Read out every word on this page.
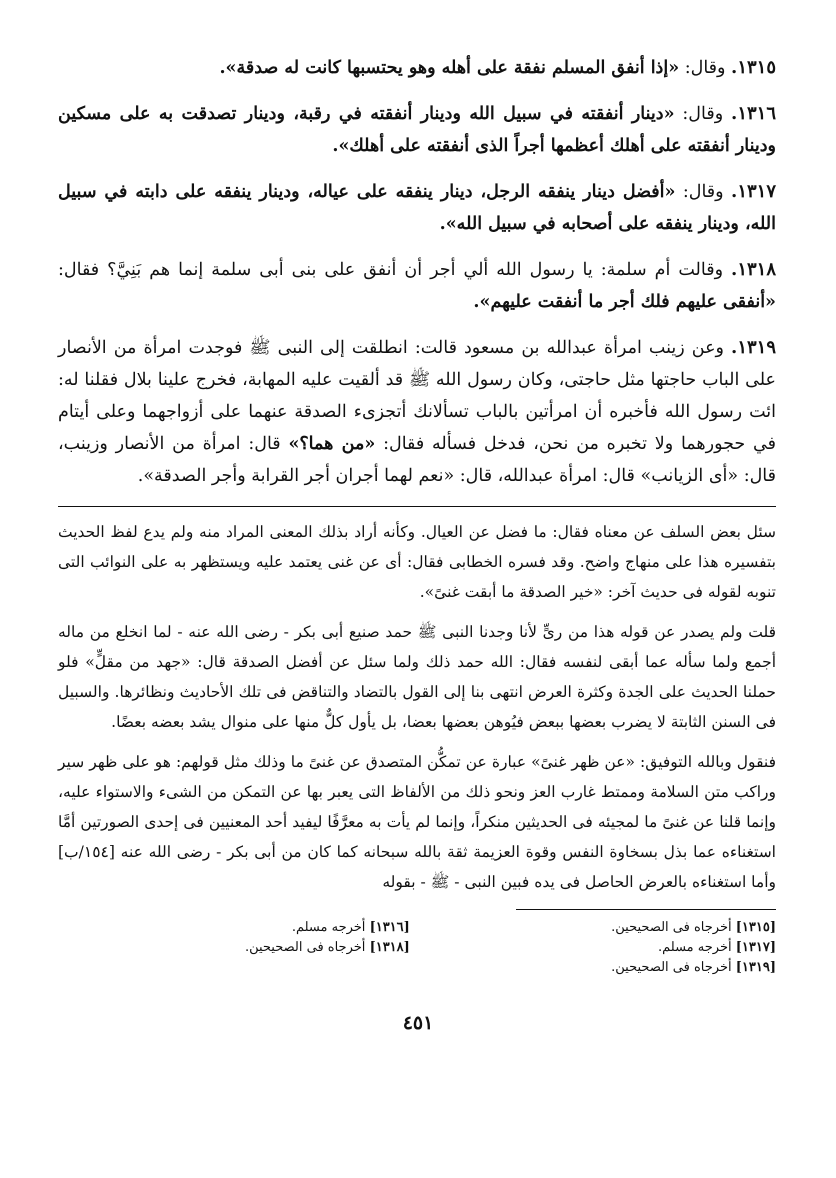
١٣١٥. وقال: «إذا أنفق المسلم نفقة على أهله وهو يحتسبها كانت له صدقة».

١٣١٦. وقال: «دينار أنفقته في سبيل الله ودينار أنفقته في رقبة، ودينار تصدقت به على مسكين ودينار أنفقته على أهلك أعظمها أجراً الذى أنفقته على أهلك».

١٣١٧. وقال: «أفضل دينار ينفقه الرجل، دينار ينفقه على عياله، ودينار ينفقه على دابته في سبيل الله، ودينار ينفقه على أصحابه في سبيل الله».

١٣١٨. وقالت أم سلمة: يا رسول الله ألي أجر أن أنفق على بنى أبى سلمة إنما هم بَنِيَّ؟ فقال: «أنفقى عليهم فلك أجر ما أنفقت عليهم».

١٣١٩. وعن زينب امرأة عبدالله بن مسعود قالت: انطلقت إلى النبى ﷺ فوجدت امرأة من الأنصار على الباب حاجتها مثل حاجتى، وكان رسول الله ﷺ قد ألقيت عليه المهابة، فخرج علينا بلال فقلنا له: ائت رسول الله فأخبره أن امرأتين بالباب تسألانك أتجزىء الصدقة عنهما على أزواجهما وعلى أيتام في حجورهما ولا تخبره من نحن، فدخل فسأله فقال: «من هما؟» قال: امرأة من الأنصار وزينب، قال: «أى الزيانب» قال: امرأة عبدالله، قال: «نعم لهما أجران أجر القرابة وأجر الصدقة».

سئل بعض السلف عن معناه فقال: ما فضل عن العيال. وكأنه أراد بذلك المعنى المراد منه ولم يدع لفظ الحديث بتفسيره هذا على منهاج واضح. وقد فسره الخطابى فقال: أى عن غنى يعتمد عليه ويستظهر به على النوائب التى تنوبه لقوله فى حديث آخر: «خير الصدقة ما أبقت غنىً».

قلت ولم يصدر عن قوله هذا من رىٍّ لأنا وجدنا النبى ﷺ حمد صنيع أبى بكر - رضى الله عنه - لما انخلع من ماله أجمع ولما سأله عما أبقى لنفسه فقال: الله حمد ذلك ولما سئل عن أفضل الصدقة قال: «جهد من مقلٍّ» فلو حملنا الحديث على الجدة وكثرة العرض انتهى بنا إلى القول بالتضاد والتناقض فى تلك الأحاديث ونظائرها. والسبيل فى السنن الثابتة لا يضرب بعضها ببعض فيُوهن بعضها بعضا، بل يأول كلٌّ منها على منوال يشد بعضه بعضًا.

فنقول وبالله التوفيق: «عن ظهر غنىً» عبارة عن تمكُّن المتصدق عن غنىً ما وذلك مثل قولهم: هو على ظهر سير وراكب متن السلامة وممتط غارب العز ونحو ذلك من الألفاظ التى يعبر بها عن التمكن من الشىء والاستواء عليه، وإنما قلنا عن غنىً ما لمجيئه فى الحديثين منكراً، وإنما لم يأت به معرَّفًا ليفيد أحد المعنيين فى إحدى الصورتين أمَّا استغناءه عما بذل بسخاوة النفس وقوة العزيمة ثقة بالله سبحانه كما كان من أبى بكر - رضى الله عنه [١٥٤/ب] وأما استغناءه بالعرض الحاصل فى يده فبين النبى - ﷺ - بقوله

[١٣١٥] أخرجاه فى الصحيحين.
[١٣١٧] أخرجه مسلم.
[١٣١٩] أخرجاه فى الصحيحين.
[١٣١٦] أخرجه مسلم.
[١٣١٨] أخرجاه فى الصحيحين.
٤٥١
